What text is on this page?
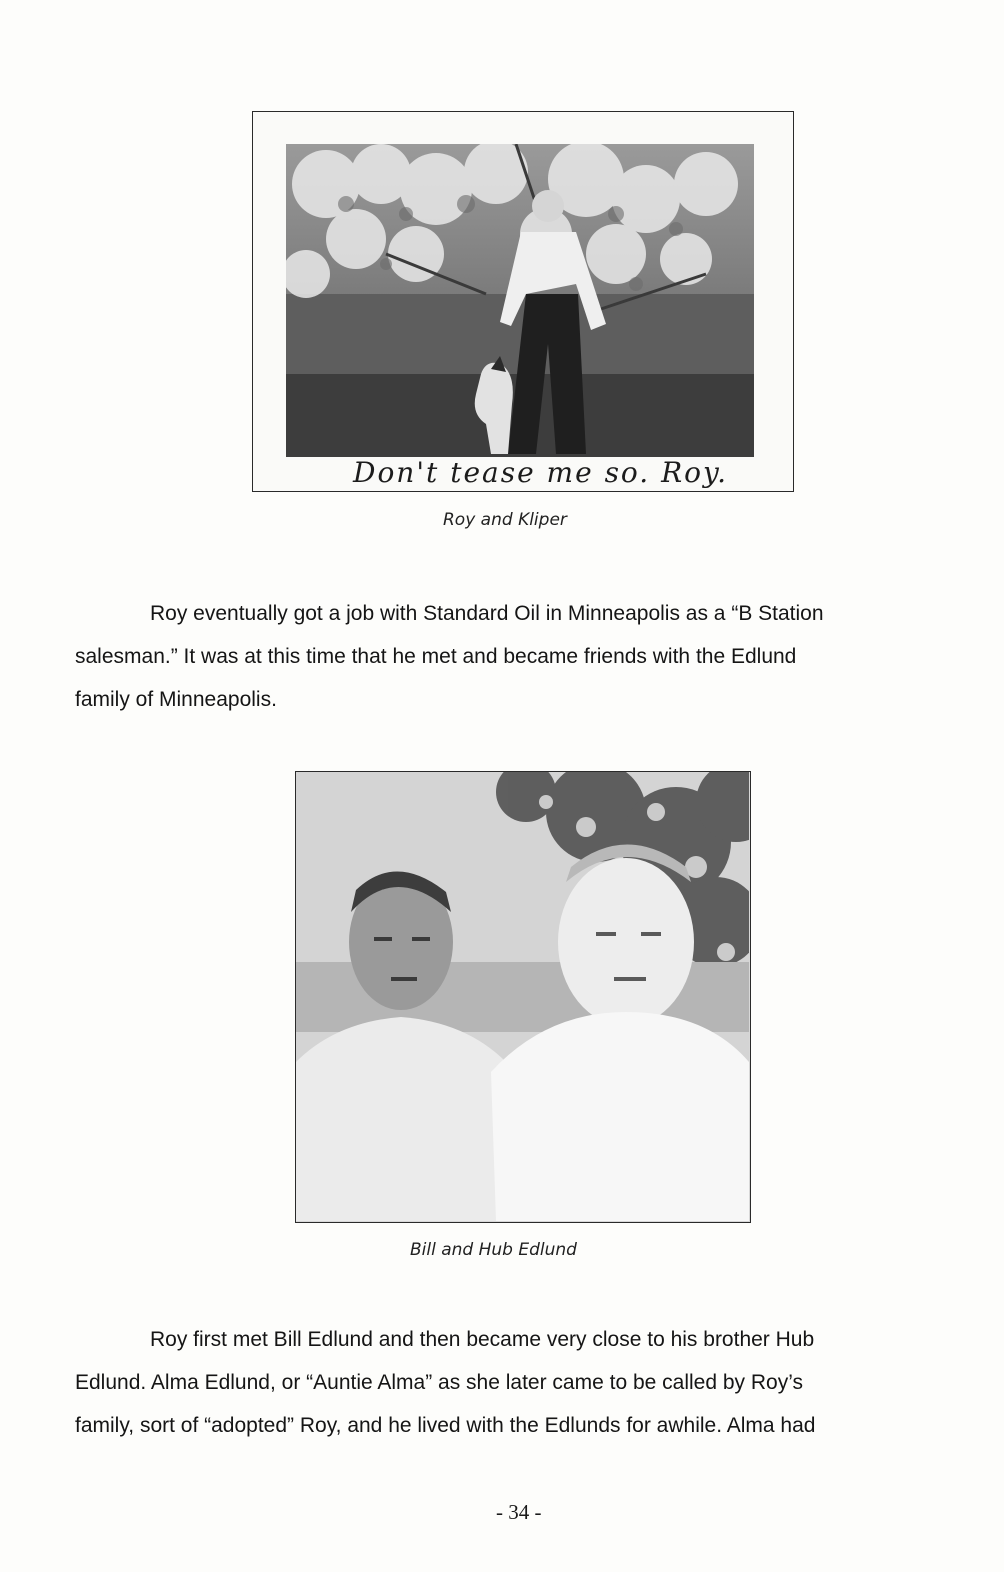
Don't tease me so. Roy.
Roy and Kliper

Roy eventually got a job with Standard Oil in Minneapolis as a “B Station
salesman.” It was at this time that he met and became friends with the Edlund
family of Minneapolis.

Bill and Hub Edlund

Roy first met Bill Edlund and then became very close to his brother Hub
Edlund. Alma Edlund, or “Auntie Alma” as she later came to be called by Roy’s
family, sort of “adopted” Roy, and he lived with the Edlunds for awhile. Alma had

- 34 -
